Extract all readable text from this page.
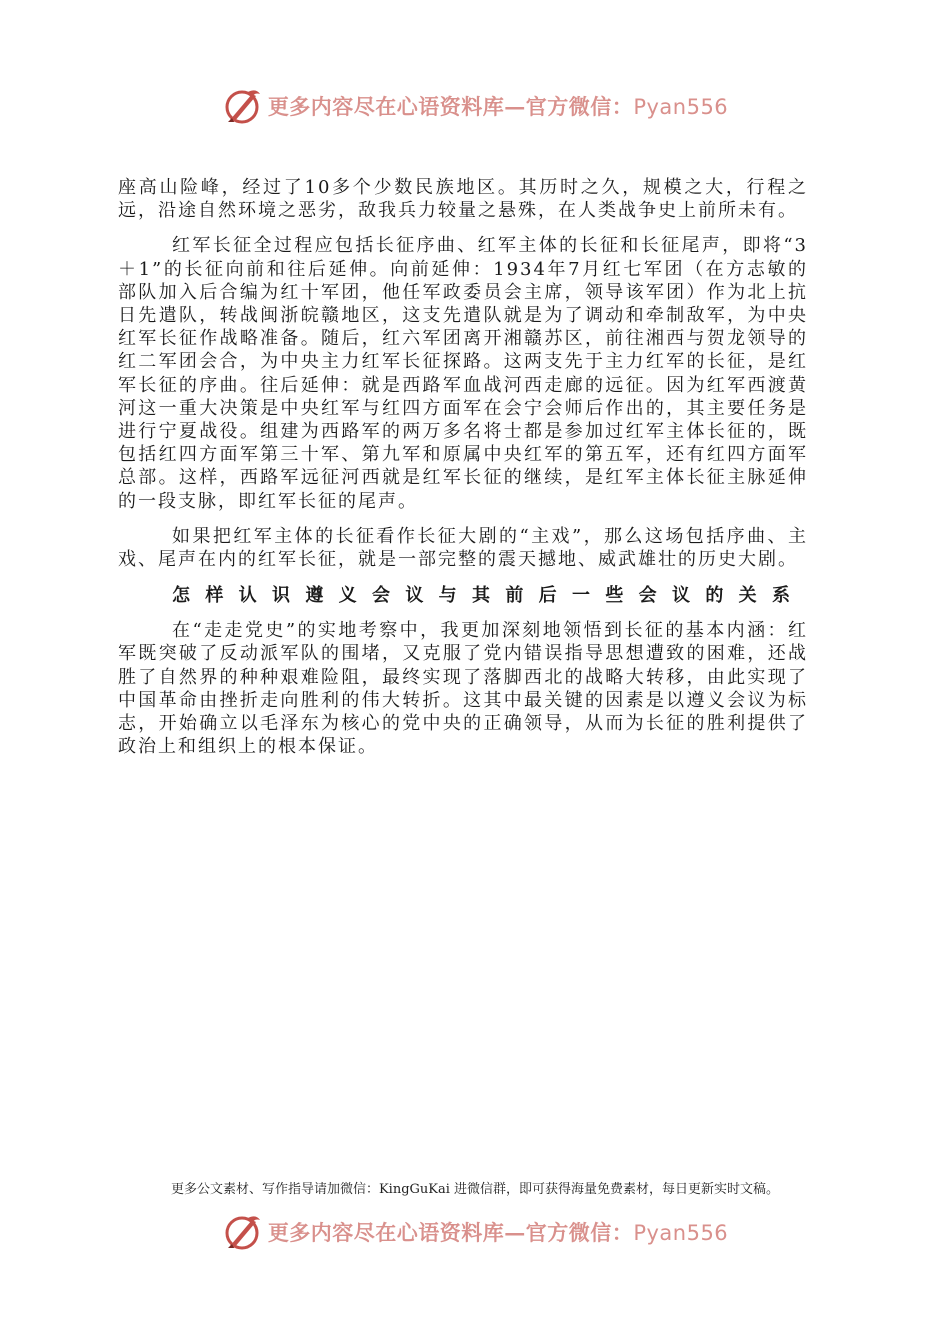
更多内容尽在心语资料库—官方微信：Pyan556

座高山险峰，经过了10多个少数民族地区。其历时之久，规模之大，行程之远，沿途自然环境之恶劣，敌我兵力较量之悬殊，在人类战争史上前所未有。

红军长征全过程应包括长征序曲、红军主体的长征和长征尾声，即将“3＋1”的长征向前和往后延伸。向前延伸：1934年7月红七军团（在方志敏的部队加入后合编为红十军团，他任军政委员会主席，领导该军团）作为北上抗日先遣队，转战闽浙皖赣地区，这支先遣队就是为了调动和牵制敌军，为中央红军长征作战略准备。随后，红六军团离开湘赣苏区，前往湘西与贺龙领导的红二军团会合，为中央主力红军长征探路。这两支先于主力红军的长征，是红军长征的序曲。往后延伸：就是西路军血战河西走廊的远征。因为红军西渡黄河这一重大决策是中央红军与红四方面军在会宁会师后作出的，其主要任务是进行宁夏战役。组建为西路军的两万多名将士都是参加过红军主体长征的，既包括红四方面军第三十军、第九军和原属中央红军的第五军，还有红四方面军总部。这样，西路军远征河西就是红军长征的继续，是红军主体长征主脉延伸的一段支脉，即红军长征的尾声。

如果把红军主体的长征看作长征大剧的“主戏”，那么这场包括序曲、主戏、尾声在内的红军长征，就是一部完整的震天撼地、威武雄壮的历史大剧。

怎样认识遵义会议与其前后一些会议的关系

在“走走党史”的实地考察中，我更加深刻地领悟到长征的基本内涵：红军既突破了反动派军队的围堵，又克服了党内错误指导思想遭致的困难，还战胜了自然界的种种艰难险阻，最终实现了落脚西北的战略大转移，由此实现了中国革命由挫折走向胜利的伟大转折。这其中最关键的因素是以遵义会议为标志，开始确立以毛泽东为核心的党中央的正确领导，从而为长征的胜利提供了政治上和组织上的根本保证。

更多公文素材、写作指导请加微信：KingGuKai 进微信群，即可获得海量免费素材，每日更新实时文稿。
更多内容尽在心语资料库—官方微信：Pyan556
